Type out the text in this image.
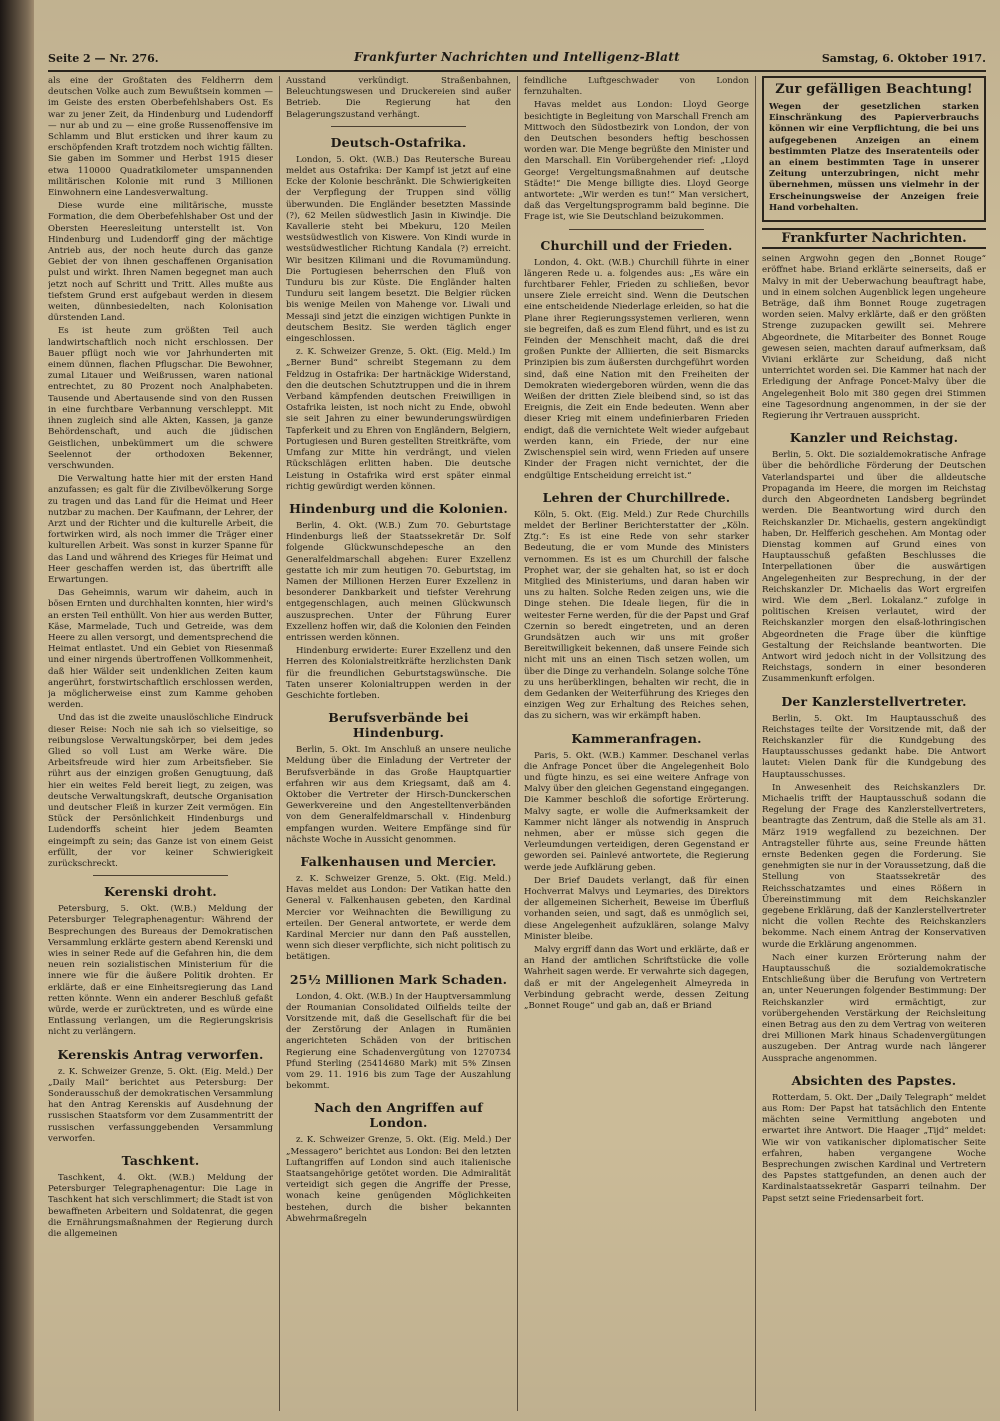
Seite 2 — Nr. 276.	Frankfurter Nachrichten und Intelligenz-Blatt	Samstag, 6. Oktober 1917.

als eine der Großtaten des Feldherrn dem deutschen Volke auch zum Bewußtsein kommen — im Geiste des ersten Oberbefehlshabers Ost. Es war zu jener Zeit, da Hindenburg und Ludendorff — nur ab und zu — eine große Russenoffensive im Schlamm und Blut ersticken und ihrer kaum zu erschöpfenden Kraft trotzdem noch wichtig fällten. Sie gaben im Sommer und Herbst 1915 dieser etwa 110000 Quadratkilometer umspannenden militärischen Kolonie mit rund 3 Millionen Einwohnern eine Landesverwaltung.

Diese wurde eine militärische, musste Formation, die dem Oberbefehlshaber Ost und der Obersten Heeresleitung unterstellt ist. Von Hindenburg und Ludendorff ging der mächtige Antrieb aus, der noch heute durch das ganze Gebiet der von ihnen geschaffenen Organisation pulst und wirkt. Ihren Namen begegnet man auch jetzt noch auf Schritt und Tritt. Alles mußte aus tiefstem Grund erst aufgebaut werden in diesem weiten, dünnbesiedelten, nach Kolonisation dürstenden Land.

Es ist heute zum größten Teil auch landwirtschaftlich noch nicht erschlossen. Der Bauer pflügt noch wie vor Jahrhunderten mit einem dünnen, flachen Pflugschar. Die Bewohner, zumal Litauer und Weißrussen, waren national entrechtet, zu 80 Prozent noch Analphabeten. Tausende und Abertausende sind von den Russen in eine furchtbare Verbannung verschleppt. Mit ihnen zugleich sind alle Akten, Kassen, ja ganze Behördenschaft, und auch die jüdischen Geistlichen, unbekümmert um die schwere Seelennot der orthodoxen Bekenner, verschwunden.

Die Verwaltung hatte hier mit der ersten Hand anzufassen; es galt für die Zivilbevölkerung Sorge zu tragen und das Land für die Heimat und Heer nutzbar zu machen. Der Kaufmann, der Lehrer, der Arzt und der Richter und die kulturelle Arbeit, die fortwirken wird, als noch immer die Träger einer kulturellen Arbeit. Was sonst in kurzer Spanne für das Land und während des Krieges für Heimat und Heer geschaffen werden ist, das übertrifft alle Erwartungen.

Das Geheimnis, warum wir daheim, auch in bösen Ernten und durchhalten konnten, hier wird's an ersten Teil enthüllt. Von hier aus werden Butter, Käse, Marmelade, Tuch und Getreide, was dem Heere zu allen versorgt, und dementsprechend die Heimat entlastet. Und ein Gebiet von Riesenmaß und einer nirgends übertroffenen Vollkommenheit, daß hier Wälder seit undenklichen Zeiten kaum angerührt, forstwirtschaftlich erschlossen werden, ja möglicherweise einst zum Kamme gehoben werden.

Und das ist die zweite unauslöschliche Eindruck dieser Reise: Noch nie sah ich so vielseitige, so reibungslose Verwaltungskörper, bei dem jedes Glied so voll Lust am Werke wäre. Die Arbeitsfreude wird hier zum Arbeitsfieber. Sie rührt aus der einzigen großen Genugtuung, daß hier ein weites Feld bereit liegt, zu zeigen, was deutsche Verwaltungskraft, deutsche Organisation und deutscher Fleiß in kurzer Zeit vermögen. Ein Stück der Persönlichkeit Hindenburgs und Ludendorffs scheint hier jedem Beamten eingeimpft zu sein; das Ganze ist von einem Geist erfüllt, der vor keiner Schwierigkeit zurückschreckt.

Kerenski droht.

Petersburg, 5. Okt. (W.B.) Meldung der Petersburger Telegraphenagentur: Während der Besprechungen des Bureaus der Demokratischen Versammlung erklärte gestern abend Kerenski und wies in seiner Rede auf die Gefahren hin, die dem neuen rein sozialistischen Ministerium für die innere wie für die äußere Politik drohten. Er erklärte, daß er eine Einheitsregierung das Land retten könnte. Wenn ein anderer Beschluß gefaßt würde, werde er zurücktreten, und es würde eine Entlassung verlangen, um die Regierungskrisis nicht zu verlängern.

Kerenskis Antrag verworfen.

z. K. Schweizer Grenze, 5. Okt. (Eig. Meld.) Der „Daily Mail“ berichtet aus Petersburg: Der Sonderausschuß der demokratischen Versammlung hat den Antrag Kerenskis auf Ausdehnung der russischen Staatsform vor dem Zusammentritt der russischen verfassunggebenden Versammlung verworfen.

Taschkent.

Taschkent, 4. Okt. (W.B.) Meldung der Petersburger Telegraphenagentur: Die Lage in Taschkent hat sich verschlimmert; die Stadt ist von bewaffneten Arbeitern und Soldatenrat, die gegen die Ernährungsmaßnahmen der Regierung durch die allgemeinen

Ausstand verkündigt. Straßenbahnen, Beleuchtungswesen und Druckereien sind außer Betrieb. Die Regierung hat den Belagerungszustand verhängt.

Deutsch-Ostafrika.

London, 5. Okt. (W.B.) Das Reutersche Bureau meldet aus Ostafrika: Der Kampf ist jetzt auf eine Ecke der Kolonie beschränkt. Die Schwierigkeiten der Verpflegung der Truppen sind völlig überwunden. Die Engländer besetzten Massinde (?), 62 Meilen südwestlich Jasin in Kiwindje. Die Kavallerie steht bei Mbekuru, 120 Meilen westsüdwestlich von Kiswere. Von Kindi wurde in westsüdwestlicher Richtung Kandala (?) erreicht. Wir besitzen Kilimani und die Rovumamündung. Die Portugiesen beherrschen den Fluß von Tunduru bis zur Küste. Die Engländer halten Tunduru seit langem besetzt. Die Belgier rücken bis wenige Meilen von Mahenge vor. Liwali und Messaji sind jetzt die einzigen wichtigen Punkte in deutschem Besitz. Sie werden täglich enger eingeschlossen.

z. K. Schweizer Grenze, 5. Okt. (Eig. Meld.) Im „Berner Bund“ schreibt Stegemann zu dem Feldzug in Ostafrika: Der hartnäckige Widerstand, den die deutschen Schutztruppen und die in ihrem Verband kämpfenden deutschen Freiwilligen in Ostafrika leisten, ist noch nicht zu Ende, obwohl sie seit Jahren zu einer bewunderungswürdigen Tapferkeit und zu Ehren von Engländern, Belgiern, Portugiesen und Buren gestellten Streitkräfte, vom Umfang zur Mitte hin verdrängt, und vielen Rückschlägen erlitten haben. Die deutsche Leistung in Ostafrika wird erst später einmal richtig gewürdigt werden können.

Hindenburg und die Kolonien.

Berlin, 4. Okt. (W.B.) Zum 70. Geburtstage Hindenburgs ließ der Staatssekretär Dr. Solf folgende Glückwunschdepesche an den Generalfeldmarschall abgehen: Eurer Exzellenz gestatte ich mir zum heutigen 70. Geburtstag, im Namen der Millionen Herzen Eurer Exzellenz in besonderer Dankbarkeit und tiefster Verehrung entgegenschlagen, auch meinen Glückwunsch auszusprechen. Unter der Führung Eurer Exzellenz hoffen wir, daß die Kolonien den Feinden entrissen werden können.

Hindenburg erwiderte: Eurer Exzellenz und den Herren des Kolonialstreitkräfte herzlichsten Dank für die freundlichen Geburtstagswünsche. Die Taten unserer Kolonialtruppen werden in der Geschichte fortleben.

Berufsverbände bei Hindenburg.

Berlin, 5. Okt. Im Anschluß an unsere neuliche Meldung über die Einladung der Vertreter der Berufsverbände in das Große Hauptquartier erfahren wir aus dem Kriegsamt, daß am 4. Oktober die Vertreter der Hirsch-Dunckerschen Gewerkvereine und den Angestelltenverbänden von dem Generalfeldmarschall v. Hindenburg empfangen wurden. Weitere Empfänge sind für nächste Woche in Aussicht genommen.

Falkenhausen und Mercier.

z. K. Schweizer Grenze, 5. Okt. (Eig. Meld.) Havas meldet aus London: Der Vatikan hatte den General v. Falkenhausen gebeten, den Kardinal Mercier vor Weihnachten die Bewilligung zu erteilen. Der General antwortete, er werde dem Kardinal Mercier nur dann den Paß ausstellen, wenn sich dieser verpflichte, sich nicht politisch zu betätigen.

25½ Millionen Mark Schaden.

London, 4. Okt. (W.B.) In der Hauptversammlung der Roumanian Consolidated Oilfields teilte der Vorsitzende mit, daß die Gesellschaft für die bei der Zerstörung der Anlagen in Rumänien angerichteten Schäden von der britischen Regierung eine Schadenvergütung von 1270734 Pfund Sterling (25414680 Mark) mit 5% Zinsen vom 29. 11. 1916 bis zum Tage der Auszahlung bekommt.

Nach den Angriffen auf London.

z. K. Schweizer Grenze, 5. Okt. (Eig. Meld.) Der „Messagero“ berichtet aus London: Bei den letzten Luftangriffen auf London sind auch italienische Staatsangehörige getötet worden. Die Admiralität verteidigt sich gegen die Angriffe der Presse, wonach keine genügenden Möglichkeiten bestehen, durch die bisher bekannten Abwehrmaßregeln

feindliche Luftgeschwader von London fernzuhalten.

Havas meldet aus London: Lloyd George besichtigte in Begleitung von Marschall French am Mittwoch den Südostbezirk von London, der von den Deutschen besonders heftig beschossen worden war. Die Menge begrüßte den Minister und den Marschall. Ein Vorübergehender rief: „Lloyd George! Vergeltungsmaßnahmen auf deutsche Städte!“ Die Menge billigte dies. Lloyd George antwortete: „Wir werden es tun!“ Man versichert, daß das Vergeltungsprogramm bald beginne. Die Frage ist, wie Sie Deutschland beizukommen.

Churchill und der Frieden.

London, 4. Okt. (W.B.) Churchill führte in einer längeren Rede u. a. folgendes aus: „Es wäre ein furchtbarer Fehler, Frieden zu schließen, bevor unsere Ziele erreicht sind. Wenn die Deutschen eine entscheidende Niederlage erleiden, so hat die Plane ihrer Regierungssystemen verlieren, wenn sie begreifen, daß es zum Elend führt, und es ist zu Feinden der Menschheit macht, daß die drei großen Punkte der Alliierten, die seit Bismarcks Prinzipien bis zum äußersten durchgeführt worden sind, daß eine Nation mit den Freiheiten der Demokraten wiedergeboren würden, wenn die das Weißen der dritten Ziele bleibend sind, so ist das Ereignis, die Zeit ein Ende bedeuten. Wenn aber dieser Krieg mit einem undefinierbaren Frieden endigt, daß die vernichtete Welt wieder aufgebaut werden kann, ein Friede, der nur eine Zwischenspiel sein wird, wenn Frieden auf unsere Kinder der Fragen nicht vernichtet, der die endgültige Entscheidung erreicht ist.“

Lehren der Churchillrede.

Köln, 5. Okt. (Eig. Meld.) Zur Rede Churchills meldet der Berliner Berichterstatter der „Köln. Ztg.“: Es ist eine Rede von sehr starker Bedeutung, die er vom Munde des Ministers vernommen. Es ist es um Churchill der falsche Prophet war, der sie gehalten hat, so ist er doch Mitglied des Ministeriums, und daran haben wir uns zu halten. Solche Reden zeigen uns, wie die Dinge stehen. Die Ideale liegen, für die in weitester Ferne werden, für die der Papst und Graf Czernin so beredt eingetreten, und an deren Grundsätzen auch wir uns mit großer Bereitwilligkeit bekennen, daß unsere Feinde sich nicht mit uns an einen Tisch setzen wollen, um über die Dinge zu verhandeln. Solange solche Töne zu uns herüberklingen, behalten wir recht, die in dem Gedanken der Weiterführung des Krieges den einzigen Weg zur Erhaltung des Reiches sehen, das zu sichern, was wir erkämpft haben.

Kammeranfragen.

Paris, 5. Okt. (W.B.) Kammer. Deschanel verlas die Anfrage Poncet über die Angelegenheit Bolo und fügte hinzu, es sei eine weitere Anfrage von Malvy über den gleichen Gegenstand eingegangen. Die Kammer beschloß die sofortige Erörterung. Malvy sagte, er wolle die Aufmerksamkeit der Kammer nicht länger als notwendig in Anspruch nehmen, aber er müsse sich gegen die Verleumdungen verteidigen, deren Gegenstand er geworden sei. Painlevé antwortete, die Regierung werde jede Aufklärung geben.

Der Brief Daudets verlangt, daß für einen Hochverrat Malvys und Leymaries, des Direktors der allgemeinen Sicherheit, Beweise im Überfluß vorhanden seien, und sagt, daß es unmöglich sei, diese Angelegenheit aufzuklären, solange Malvy Minister bleibe.

Malvy ergriff dann das Wort und erklärte, daß er an Hand der amtlichen Schriftstücke die volle Wahrheit sagen werde. Er verwahrte sich dagegen, daß er mit der Angelegenheit Almeyreda in Verbindung gebracht werde, dessen Zeitung „Bonnet Rouge“ und gab an, daß er Briand

Zur gefälligen Beachtung!

Wegen der gesetzlichen starken Einschränkung des Papierverbrauchs können wir eine Verpflichtung, die bei uns aufgegebenen Anzeigen an einem bestimmten Platze des Inseratenteils oder an einem bestimmten Tage in unserer Zeitung unterzubringen, nicht mehr übernehmen, müssen uns vielmehr in der Erscheinungsweise der Anzeigen freie Hand vorbehalten.

Frankfurter Nachrichten.

seinen Argwohn gegen den „Bonnet Rouge“ eröffnet habe. Briand erklärte seinerseits, daß er Malvy in mit der Ueberwachung beauftragt habe, und in einem solchen Augenblick legen ungeheure Beträge, daß ihm Bonnet Rouge zugetragen worden seien. Malvy erklärte, daß er den größten Strenge zuzupacken gewillt sei. Mehrere Abgeordnete, die Mitarbeiter des Bonnet Rouge gewesen seien, machten darauf aufmerksam, daß Viviani erklärte zur Scheidung, daß nicht unterrichtet worden sei. Die Kammer hat nach der Erledigung der Anfrage Poncet-Malvy über die Angelegenheit Bolo mit 380 gegen drei Stimmen eine Tagesordnung angenommen, in der sie der Regierung ihr Vertrauen ausspricht.

Kanzler und Reichstag.

Berlin, 5. Okt. Die sozialdemokratische Anfrage über die behördliche Förderung der Deutschen Vaterlandspartei und über die alldeutsche Propaganda im Heere, die morgen im Reichstag durch den Abgeordneten Landsberg begründet werden. Die Beantwortung wird durch den Reichskanzler Dr. Michaelis, gestern angekündigt haben, Dr. Helfferich geschehen. Am Montag oder Dienstag kommen auf Grund eines von Hauptausschuß gefaßten Beschlusses die Interpellationen über die auswärtigen Angelegenheiten zur Besprechung, in der der Reichskanzler Dr. Michaelis das Wort ergreifen wird. Wie dem „Berl. Lokalanz.“ zufolge in politischen Kreisen verlautet, wird der Reichskanzler morgen den elsaß-lothringischen Abgeordneten die Frage über die künftige Gestaltung der Reichslande beantworten. Die Antwort wird jedoch nicht in der Vollsitzung des Reichstags, sondern in einer besonderen Zusammenkunft erfolgen.

Der Kanzlerstellvertreter.

Berlin, 5. Okt. Im Hauptausschuß des Reichstages teilte der Vorsitzende mit, daß der Reichskanzler für die Kundgebung des Hauptausschusses gedankt habe. Die Antwort lautet: Vielen Dank für die Kundgebung des Hauptausschusses.

In Anwesenheit des Reichskanzlers Dr. Michaelis trifft der Hauptausschuß sodann die Regelung der Frage des Kanzlerstellvertreters, beantragte das Zentrum, daß die Stelle als am 31. März 1919 wegfallend zu bezeichnen. Der Antragsteller führte aus, seine Freunde hätten ernste Bedenken gegen die Forderung. Sie genehmigten sie nur in der Voraussetzung, daß die Stellung von Staatssekretär des Reichsschatzamtes und eines Rößern in Übereinstimmung mit dem Reichskanzler gegebene Erklärung, daß der Kanzlerstellvertreter nicht die vollen Rechte des Reichskanzlers bekomme. Nach einem Antrag der Konservativen wurde die Erklärung angenommen.

Nach einer kurzen Erörterung nahm der Hauptausschuß die sozialdemokratische Entschließung über die Berufung von Vertretern an, unter Neuerungen folgender Bestimmung: Der Reichskanzler wird ermächtigt, zur vorübergehenden Verstärkung der Reichsleitung einen Betrag aus den zu dem Vertrag von weiteren drei Millionen Mark hinaus Schadenvergütungen auszugeben. Der Antrag wurde nach längerer Aussprache angenommen.

Absichten des Papstes.

Rotterdam, 5. Okt. Der „Daily Telegraph“ meldet aus Rom: Der Papst hat tatsächlich den Entente mächten seine Vermittlung angeboten und erwartet ihre Antwort. Die Haager „Tijd“ meldet: Wie wir von vatikanischer diplomatischer Seite erfahren, haben vergangene Woche Besprechungen zwischen Kardinal und Vertretern des Papstes stattgefunden, an denen auch der Kardinalstaatssekretär Gasparri teilnahm. Der Papst setzt seine Friedensarbeit fort.
